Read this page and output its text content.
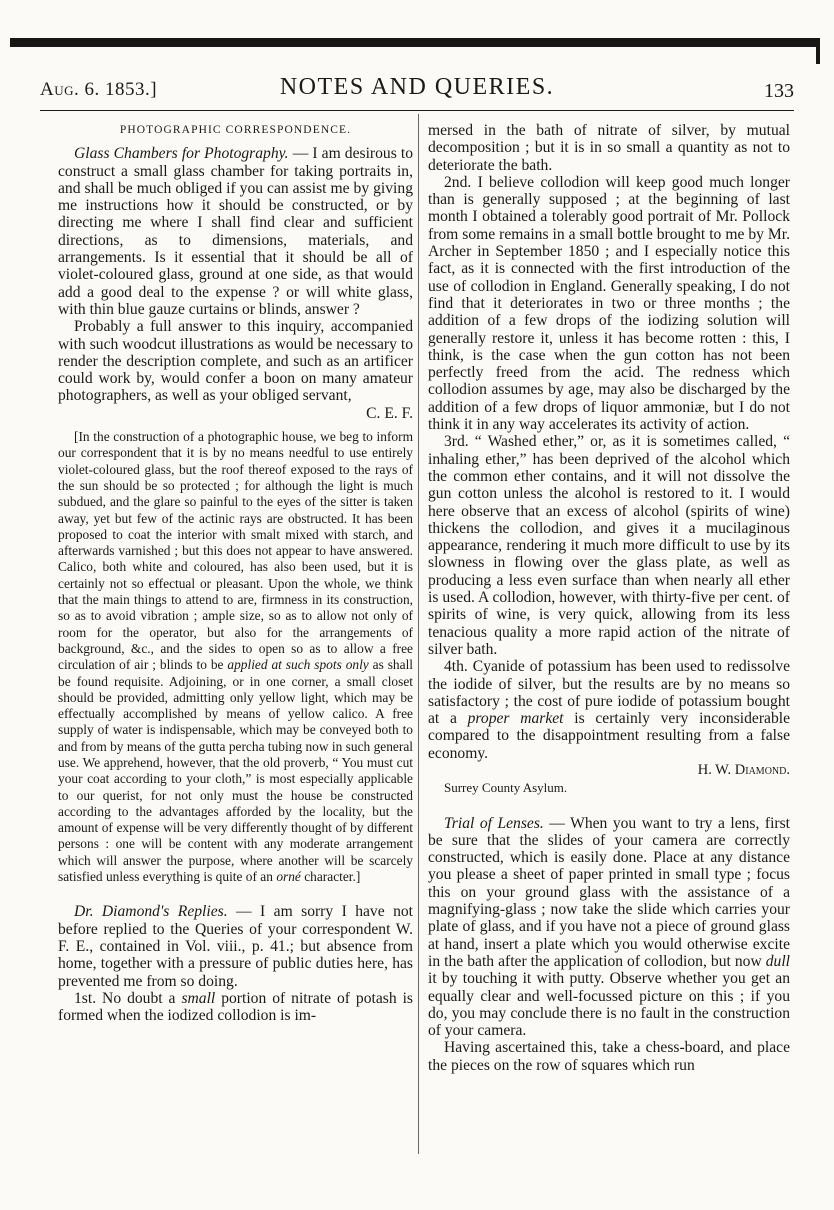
Aug. 6. 1853.]	NOTES AND QUERIES.	133
PHOTOGRAPHIC CORRESPONDENCE.

Glass Chambers for Photography. — I am desirous to construct a small glass chamber for taking portraits in, and shall be much obliged if you can assist me by giving me instructions how it should be constructed, or by directing me where I shall find clear and sufficient directions, as to dimensions, materials, and arrangements. Is it essential that it should be all of violet-coloured glass, ground at one side, as that would add a good deal to the expense ? or will white glass, with thin blue gauze curtains or blinds, answer ?

Probably a full answer to this inquiry, accompanied with such woodcut illustrations as would be necessary to render the description complete, and such as an artificer could work by, would confer a boon on many amateur photographers, as well as your obliged servant,

C. E. F.

[In the construction of a photographic house, we beg to inform our correspondent that it is by no means needful to use entirely violet-coloured glass, but the roof thereof exposed to the rays of the sun should be so protected ; for although the light is much subdued, and the glare so painful to the eyes of the sitter is taken away, yet but few of the actinic rays are obstructed. It has been proposed to coat the interior with smalt mixed with starch, and afterwards varnished ; but this does not appear to have answered. Calico, both white and coloured, has also been used, but it is certainly not so effectual or pleasant. Upon the whole, we think that the main things to attend to are, firmness in its construction, so as to avoid vibration ; ample size, so as to allow not only of room for the operator, but also for the arrangements of background, &c., and the sides to open so as to allow a free circulation of air ; blinds to be applied at such spots only as shall be found requisite. Adjoining, or in one corner, a small closet should be provided, admitting only yellow light, which may be effectually accomplished by means of yellow calico. A free supply of water is indispensable, which may be conveyed both to and from by means of the gutta percha tubing now in such general use. We apprehend, however, that the old proverb, “ You must cut your coat according to your cloth,” is most especially applicable to our querist, for not only must the house be constructed according to the advantages afforded by the locality, but the amount of expense will be very differently thought of by different persons : one will be content with any moderate arrangement which will answer the purpose, where another will be scarcely satisfied unless everything is quite of an orné character.]

Dr. Diamond's Replies. — I am sorry I have not before replied to the Queries of your correspondent W. F. E., contained in Vol. viii., p. 41.; but absence from home, together with a pressure of public duties here, has prevented me from so doing.

1st. No doubt a small portion of nitrate of potash is formed when the iodized collodion is im-

mersed in the bath of nitrate of silver, by mutual decomposition ; but it is in so small a quantity as not to deteriorate the bath.

2nd. I believe collodion will keep good much longer than is generally supposed ; at the beginning of last month I obtained a tolerably good portrait of Mr. Pollock from some remains in a small bottle brought to me by Mr. Archer in September 1850 ; and I especially notice this fact, as it is connected with the first introduction of the use of collodion in England. Generally speaking, I do not find that it deteriorates in two or three months ; the addition of a few drops of the iodizing solution will generally restore it, unless it has become rotten : this, I think, is the case when the gun cotton has not been perfectly freed from the acid. The redness which collodion assumes by age, may also be discharged by the addition of a few drops of liquor ammoniæ, but I do not think it in any way accelerates its activity of action.

3rd. “ Washed ether,” or, as it is sometimes called, “ inhaling ether,” has been deprived of the alcohol which the common ether contains, and it will not dissolve the gun cotton unless the alcohol is restored to it. I would here observe that an excess of alcohol (spirits of wine) thickens the collodion, and gives it a mucilaginous appearance, rendering it much more difficult to use by its slowness in flowing over the glass plate, as well as producing a less even surface than when nearly all ether is used. A collodion, however, with thirty-five per cent. of spirits of wine, is very quick, allowing from its less tenacious quality a more rapid action of the nitrate of silver bath.

4th. Cyanide of potassium has been used to redissolve the iodide of silver, but the results are by no means so satisfactory ; the cost of pure iodide of potassium bought at a proper market is certainly very inconsiderable compared to the disappointment resulting from a false economy.

H. W. Diamond.

Surrey County Asylum.

Trial of Lenses. — When you want to try a lens, first be sure that the slides of your camera are correctly constructed, which is easily done. Place at any distance you please a sheet of paper printed in small type ; focus this on your ground glass with the assistance of a magnifying-glass ; now take the slide which carries your plate of glass, and if you have not a piece of ground glass at hand, insert a plate which you would otherwise excite in the bath after the application of collodion, but now dull it by touching it with putty. Observe whether you get an equally clear and well-focussed picture on this ; if you do, you may conclude there is no fault in the construction of your camera.

Having ascertained this, take a chess-board, and place the pieces on the row of squares which run
